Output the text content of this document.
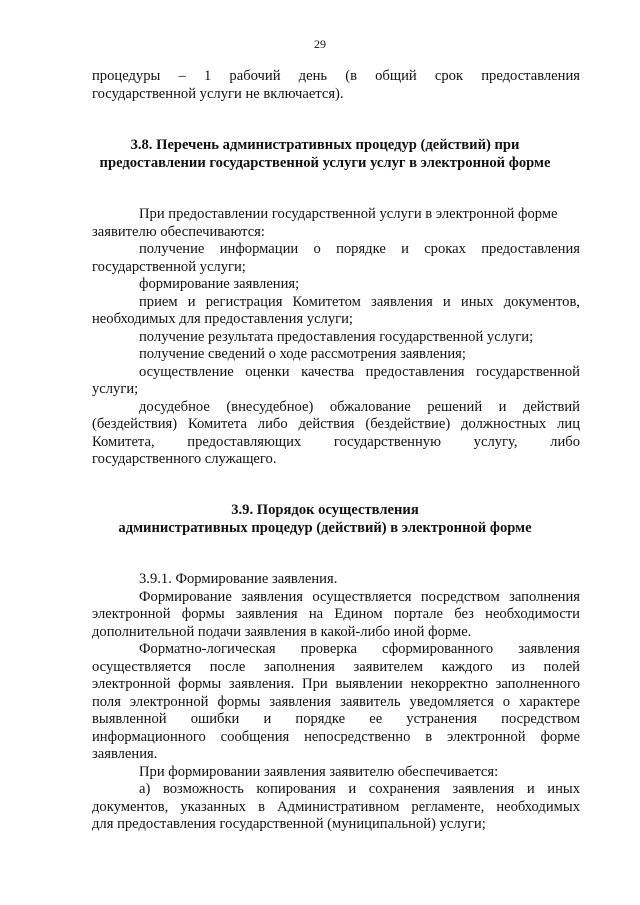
29
процедуры – 1 рабочий день (в общий срок предоставления
государственной услуги не включается).
3.8. Перечень административных процедур (действий) при
предоставлении государственной услуги услуг в электронной форме
При предоставлении государственной услуги в электронной форме
заявителю обеспечиваются:
получение информации о порядке и сроках предоставления
государственной услуги;
формирование заявления;
прием и регистрация Комитетом заявления и иных документов,
необходимых для предоставления услуги;
получение результата предоставления государственной услуги;
получение сведений о ходе рассмотрения заявления;
осуществление оценки качества предоставления государственной
услуги;
досудебное (внесудебное) обжалование решений и действий
(бездействия) Комитета либо действия (бездействие) должностных лиц
Комитета, предоставляющих государственную услугу, либо
государственного служащего.
3.9. Порядок осуществления
административных процедур (действий) в электронной форме
3.9.1. Формирование заявления.
Формирование заявления осуществляется посредством заполнения
электронной формы заявления на Едином портале без необходимости
дополнительной подачи заявления в какой-либо иной форме.
Форматно-логическая проверка сформированного заявления
осуществляется после заполнения заявителем каждого из полей
электронной формы заявления. При выявлении некорректно заполненного
поля электронной формы заявления заявитель уведомляется о характере
выявленной ошибки и порядке ее устранения посредством
информационного сообщения непосредственно в электронной форме
заявления.
При формировании заявления заявителю обеспечивается:
а) возможность копирования и сохранения заявления и иных
документов, указанных в Административном регламенте, необходимых
для предоставления государственной (муниципальной) услуги;
